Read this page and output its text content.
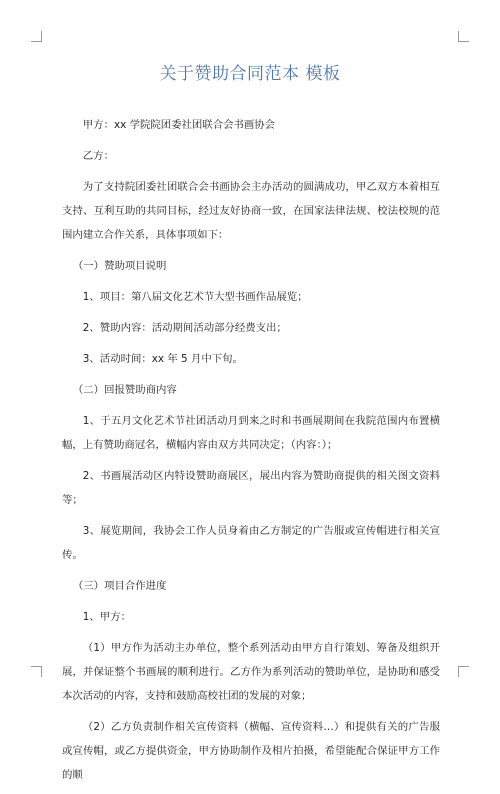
关于赞助合同范本 模板

甲方：xx 学院院团委社团联合会书画协会

乙方：

为了支持院团委社团联合会书画协会主办活动的圆满成功，甲乙双方本着相互支持、互利互助的共同目标，经过友好协商一致，在国家法律法规、校法校规的范围内建立合作关系，具体事项如下：

（一）赞助项目说明

1、项目：第八届文化艺术节大型书画作品展览；

2、赞助内容：活动期间活动部分经费支出；

3、活动时间：xx 年 5 月中下旬。

（二）回报赞助商内容

1、于五月文化艺术节社团活动月到来之时和书画展期间在我院范围内布置横幅，上有赞助商冠名，横幅内容由双方共同决定；（内容：）；

2、书画展活动区内特设赞助商展区，展出内容为赞助商提供的相关图文资料等；

3、展览期间，我协会工作人员身着由乙方制定的广告服或宣传帽进行相关宣传。

（三）项目合作进度

1、甲方：

（1）甲方作为活动主办单位，整个系列活动由甲方自行策划、筹备及组织开展，并保证整个书画展的顺利进行。乙方作为系列活动的赞助单位，是协助和感受本次活动的内容，支持和鼓励高校社团的发展的对象；

（2）乙方负责制作相关宣传资料（横幅、宣传资料…）和提供有关的广告服或宣传帽，或乙方提供资金，甲方协助制作及相片拍摄，希望能配合保证甲方工作的顺
